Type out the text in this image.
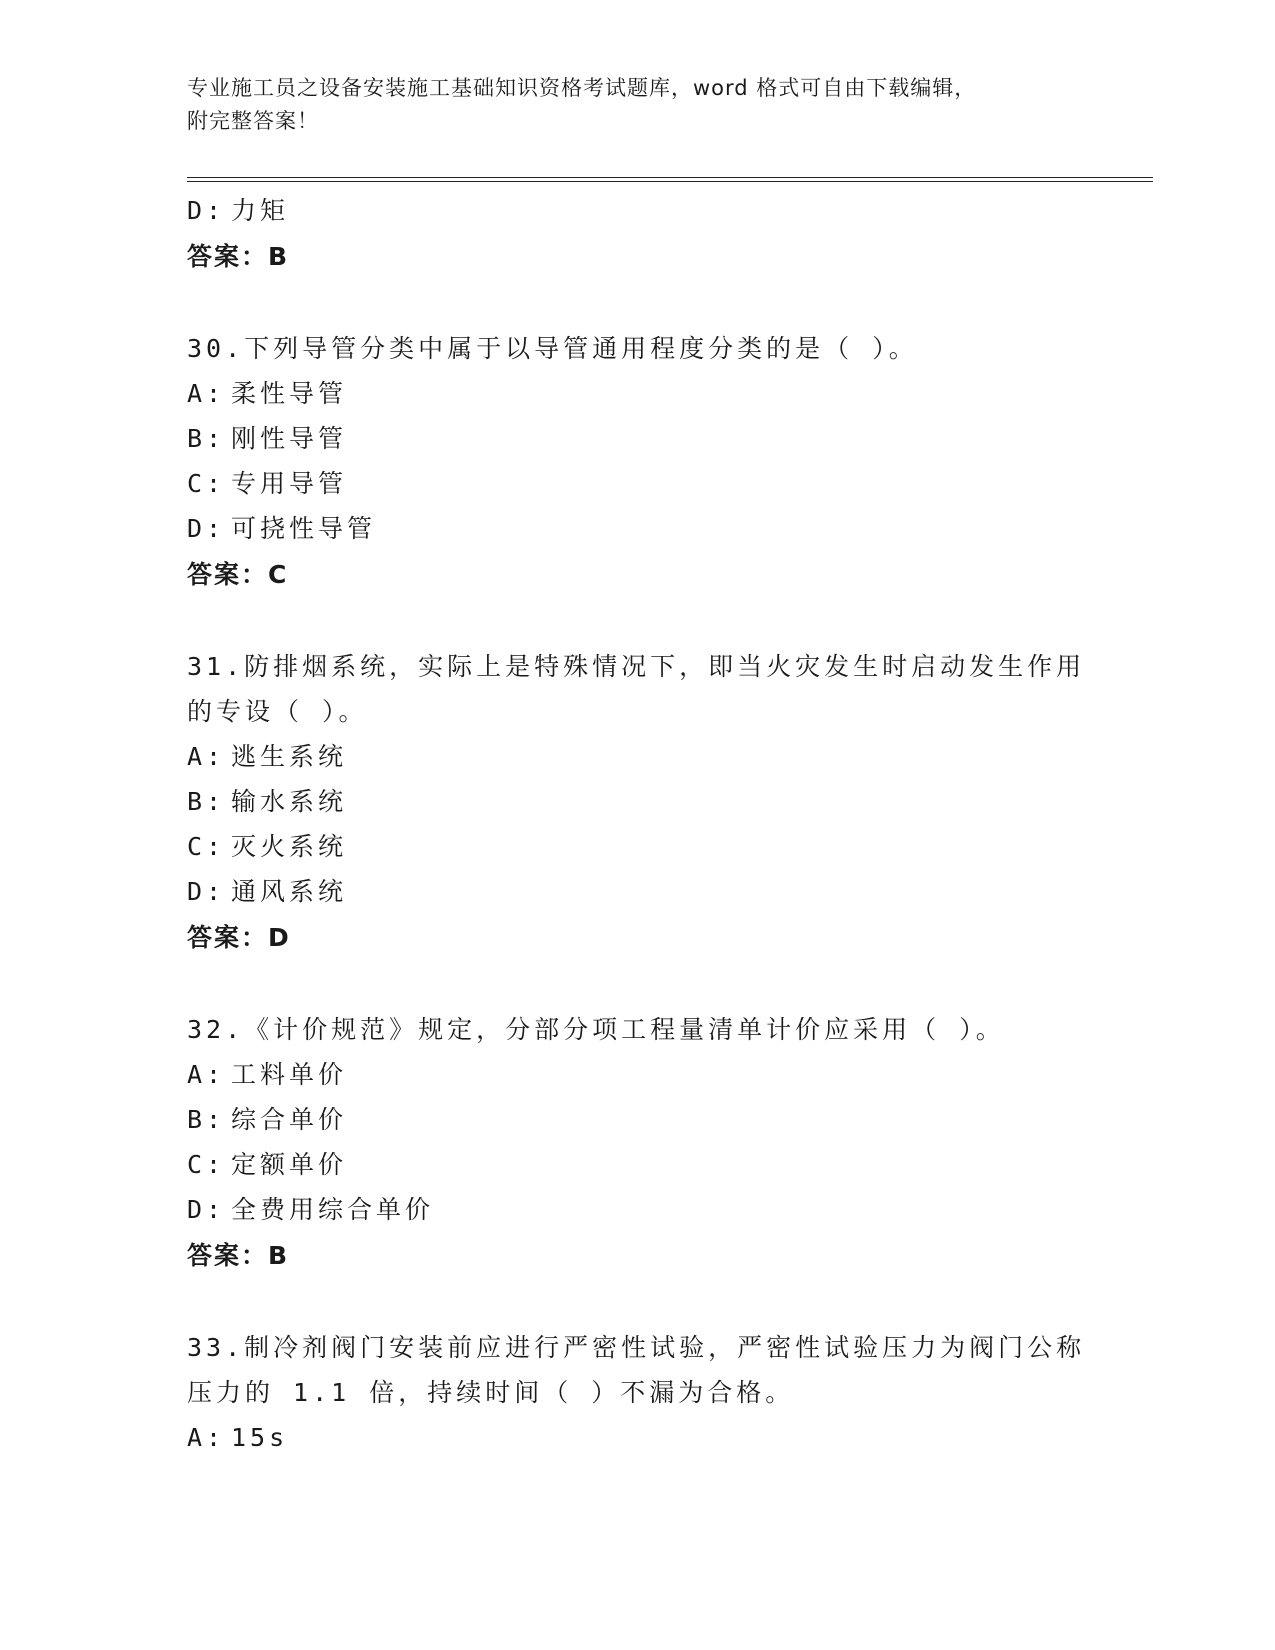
专业施工员之设备安装施工基础知识资格考试题库，word 格式可自由下载编辑，
附完整答案！
D: 力矩
答案：B
30.下列导管分类中属于以导管通用程度分类的是（ ）。
A: 柔性导管
B: 刚性导管
C: 专用导管
D: 可挠性导管
答案：C
31.防排烟系统，实际上是特殊情况下，即当火灾发生时启动发生作用
的专设（ ）。
A: 逃生系统
B: 输水系统
C: 灭火系统
D: 通风系统
答案：D
32.《计价规范》规定，分部分项工程量清单计价应采用（ ）。
A: 工料单价
B: 综合单价
C: 定额单价
D: 全费用综合单价
答案：B
33.制冷剂阀门安装前应进行严密性试验，严密性试验压力为阀门公称
压力的 1.1 倍，持续时间（ ）不漏为合格。
A: 15s
